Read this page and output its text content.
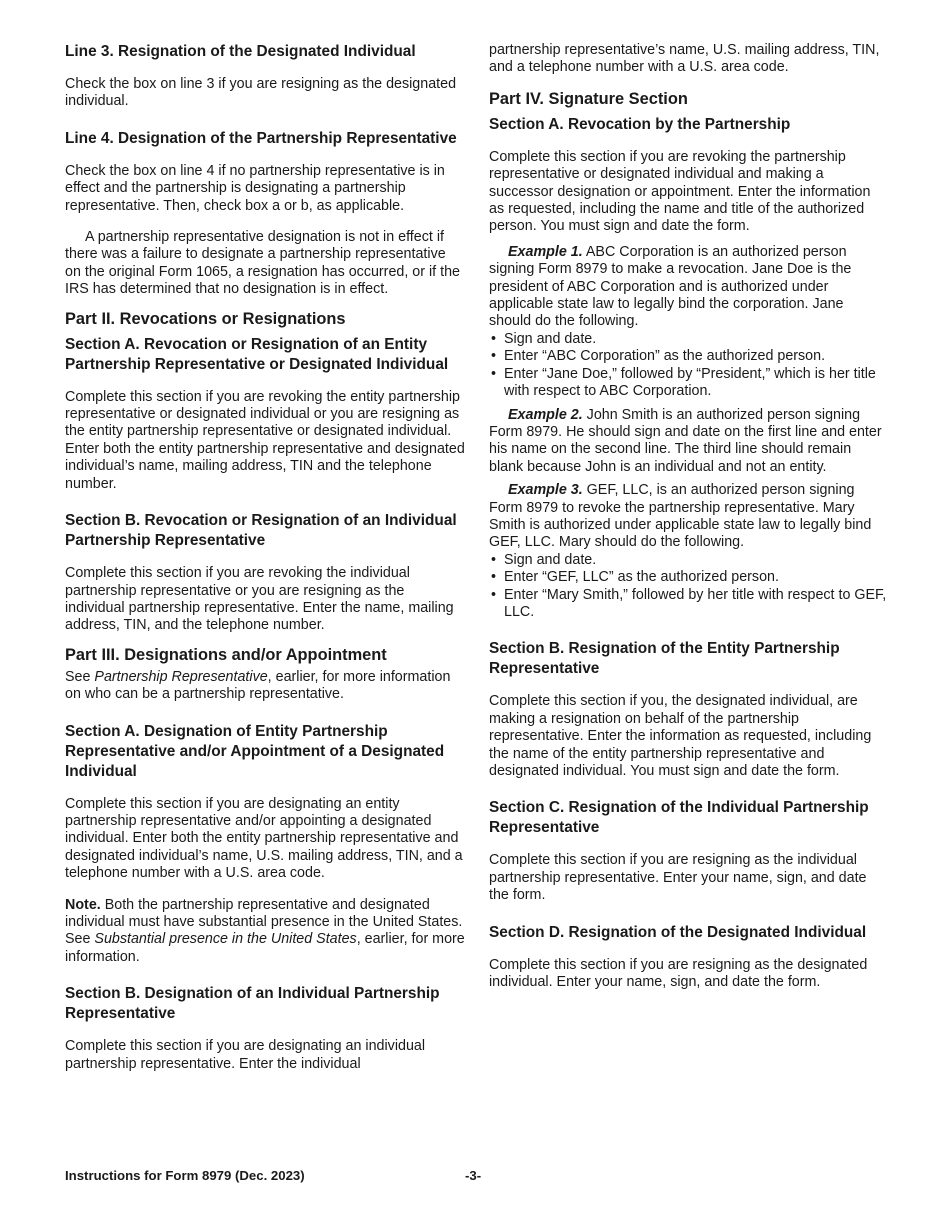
Line 3. Resignation of the Designated Individual

Check the box on line 3 if you are resigning as the designated individual.

Line 4. Designation of the Partnership Representative

Check the box on line 4 if no partnership representative is in effect and the partnership is designating a partnership representative. Then, check box a or b, as applicable.

A partnership representative designation is not in effect if there was a failure to designate a partnership representative on the original Form 1065, a resignation has occurred, or if the IRS has determined that no designation is in effect.

Part II. Revocations or Resignations
Section A. Revocation or Resignation of an Entity Partnership Representative or Designated Individual

Complete this section if you are revoking the entity partnership representative or designated individual or you are resigning as the entity partnership representative or designated individual. Enter both the entity partnership representative and designated individual’s name, mailing address, TIN and the telephone number.

Section B. Revocation or Resignation of an Individual Partnership Representative

Complete this section if you are revoking the individual partnership representative or you are resigning as the individual partnership representative. Enter the name, mailing address, TIN, and the telephone number.

Part III. Designations and/or Appointment

See Partnership Representative, earlier, for more information on who can be a partnership representative.

Section A. Designation of Entity Partnership Representative and/or Appointment of a Designated Individual

Complete this section if you are designating an entity partnership representative and/or appointing a designated individual. Enter both the entity partnership representative and designated individual’s name, U.S. mailing address, TIN, and a telephone number with a U.S. area code.

Note. Both the partnership representative and designated individual must have substantial presence in the United States. See Substantial presence in the United States, earlier, for more information.

Section B. Designation of an Individual Partnership Representative

Complete this section if you are designating an individual partnership representative. Enter the individual

partnership representative’s name, U.S. mailing address, TIN, and a telephone number with a U.S. area code.

Part IV. Signature Section
Section A. Revocation by the Partnership

Complete this section if you are revoking the partnership representative or designated individual and making a successor designation or appointment. Enter the information as requested, including the name and title of the authorized person. You must sign and date the form.

Example 1. ABC Corporation is an authorized person signing Form 8979 to make a revocation. Jane Doe is the president of ABC Corporation and is authorized under applicable state law to legally bind the corporation. Jane should do the following.

• Sign and date.
• Enter “ABC Corporation” as the authorized person.
• Enter “Jane Doe,” followed by “President,” which is her title with respect to ABC Corporation.

Example 2. John Smith is an authorized person signing Form 8979. He should sign and date on the first line and enter his name on the second line. The third line should remain blank because John is an individual and not an entity.

Example 3. GEF, LLC, is an authorized person signing Form 8979 to revoke the partnership representative. Mary Smith is authorized under applicable state law to legally bind GEF, LLC. Mary should do the following.

• Sign and date.
• Enter “GEF, LLC” as the authorized person.
• Enter “Mary Smith,” followed by her title with respect to GEF, LLC.
Section B. Resignation of the Entity Partnership Representative

Complete this section if you, the designated individual, are making a resignation on behalf of the partnership representative. Enter the information as requested, including the name of the entity partnership representative and designated individual. You must sign and date the form.

Section C. Resignation of the Individual Partnership Representative

Complete this section if you are resigning as the individual partnership representative. Enter your name, sign, and date the form.

Section D. Resignation of the Designated Individual

Complete this section if you are resigning as the designated individual. Enter your name, sign, and date the form.

Instructions for Form 8979 (Dec. 2023)	-3-
